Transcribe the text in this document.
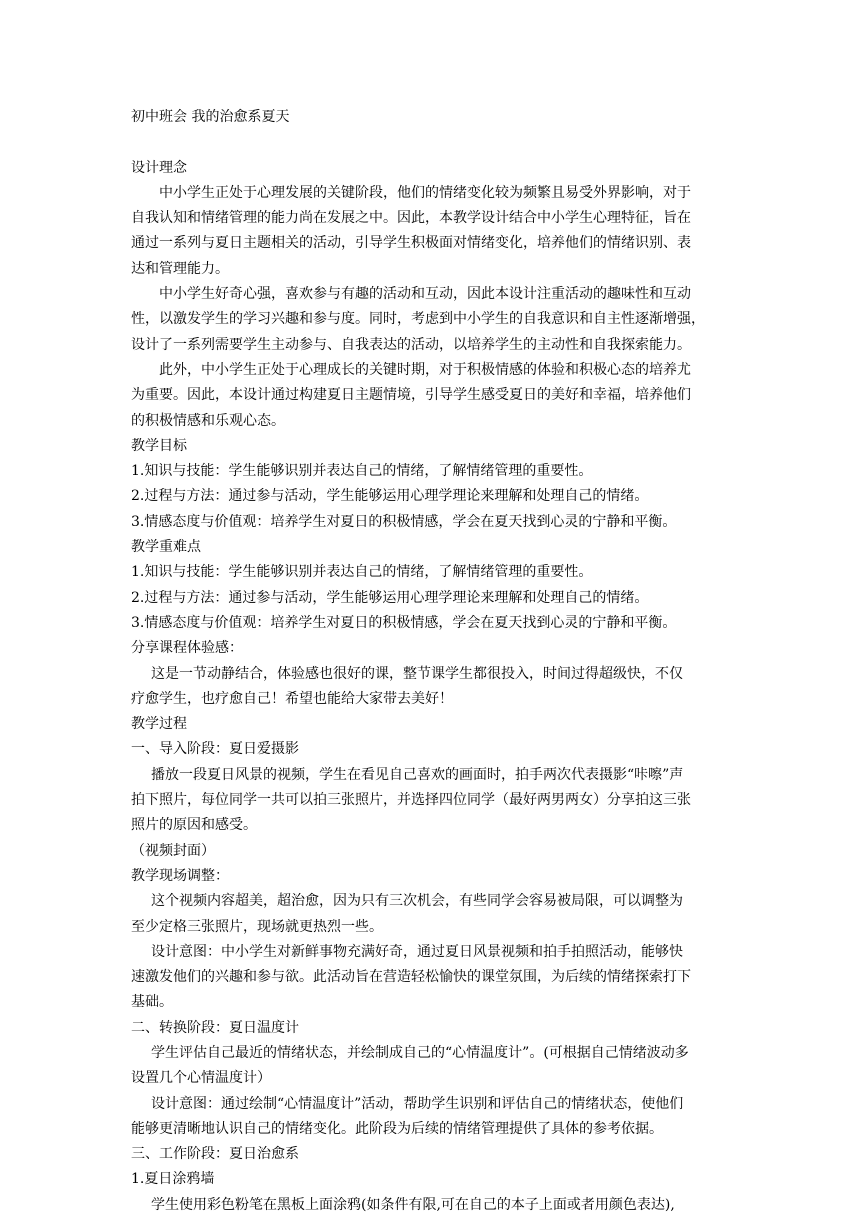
初中班会 我的治愈系夏天
设计理念
中小学生正处于心理发展的关键阶段，他们的情绪变化较为频繁且易受外界影响，对于
自我认知和情绪管理的能力尚在发展之中。因此，本教学设计结合中小学生心理特征，旨在
通过一系列与夏日主题相关的活动，引导学生积极面对情绪变化，培养他们的情绪识别、表
达和管理能力。
中小学生好奇心强，喜欢参与有趣的活动和互动，因此本设计注重活动的趣味性和互动
性，以激发学生的学习兴趣和参与度。同时，考虑到中小学生的自我意识和自主性逐渐增强，
设计了一系列需要学生主动参与、自我表达的活动，以培养学生的主动性和自我探索能力。
此外，中小学生正处于心理成长的关键时期，对于积极情感的体验和积极心态的培养尤
为重要。因此，本设计通过构建夏日主题情境，引导学生感受夏日的美好和幸福，培养他们
的积极情感和乐观心态。
教学目标
1.知识与技能：学生能够识别并表达自己的情绪，了解情绪管理的重要性。
2.过程与方法：通过参与活动，学生能够运用心理学理论来理解和处理自己的情绪。
3.情感态度与价值观：培养学生对夏日的积极情感，学会在夏天找到心灵的宁静和平衡。
教学重难点
1.知识与技能：学生能够识别并表达自己的情绪，了解情绪管理的重要性。
2.过程与方法：通过参与活动，学生能够运用心理学理论来理解和处理自己的情绪。
3.情感态度与价值观：培养学生对夏日的积极情感，学会在夏天找到心灵的宁静和平衡。
分享课程体验感：
这是一节动静结合，体验感也很好的课，整节课学生都很投入，时间过得超级快，不仅
疗愈学生，也疗愈自己！希望也能给大家带去美好！
教学过程
一、导入阶段：夏日爱摄影
播放一段夏日风景的视频，学生在看见自己喜欢的画面时，拍手两次代表摄影“咔嚓”声
拍下照片，每位同学一共可以拍三张照片，并选择四位同学（最好两男两女）分享拍这三张
照片的原因和感受。
（视频封面）
教学现场调整：
这个视频内容超美，超治愈，因为只有三次机会，有些同学会容易被局限，可以调整为
至少定格三张照片，现场就更热烈一些。
设计意图：中小学生对新鲜事物充满好奇，通过夏日风景视频和拍手拍照活动，能够快
速激发他们的兴趣和参与欲。此活动旨在营造轻松愉快的课堂氛围，为后续的情绪探索打下
基础。
二、转换阶段：夏日温度计
学生评估自己最近的情绪状态，并绘制成自己的“心情温度计”。(可根据自己情绪波动多
设置几个心情温度计）
设计意图：通过绘制“心情温度计”活动，帮助学生识别和评估自己的情绪状态，使他们
能够更清晰地认识自己的情绪变化。此阶段为后续的情绪管理提供了具体的参考依据。
三、工作阶段：夏日治愈系
1.夏日涂鸦墙
学生使用彩色粉笔在黑板上面涂鸦(如条件有限,可在自己的本子上面或者用颜色表达),
